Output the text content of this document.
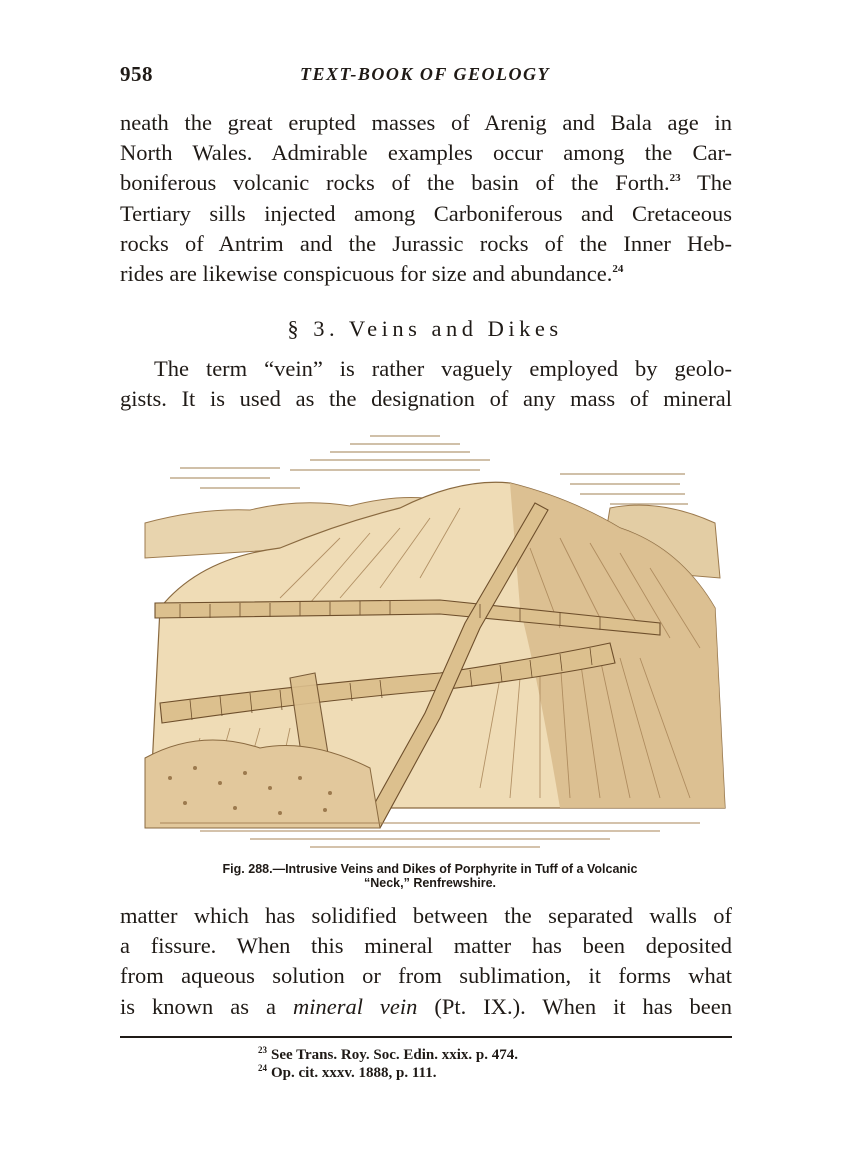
958	TEXT-BOOK OF GEOLOGY
neath the great erupted masses of Arenig and Bala age in
North Wales. Admirable examples occur among the Car-
boniferous volcanic rocks of the basin of the Forth.$^{23}$ The
Tertiary sills injected among Carboniferous and Cretaceous
rocks of Antrim and the Jurassic rocks of the Inner Heb-
rides are likewise conspicuous for size and abundance.$^{24}$
§ 3. Veins and Dikes
The term “vein” is rather vaguely employed by geolo-
gists. It is used as the designation of any mass of mineral
Fig. 288.—Intrusive Veins and Dikes of Porphyrite in Tuff of a Volcanic
“Neck,” Renfrewshire.
matter which has solidified between the separated walls of
a fissure. When this mineral matter has been deposited
from aqueous solution or from sublimation, it forms what
is known as a mineral vein (Pt. IX.). When it has been
$^{23}$ See Trans. Roy. Soc. Edin. xxix. p. 474.
$^{24}$ Op. cit. xxxv. 1888, p. 111.
